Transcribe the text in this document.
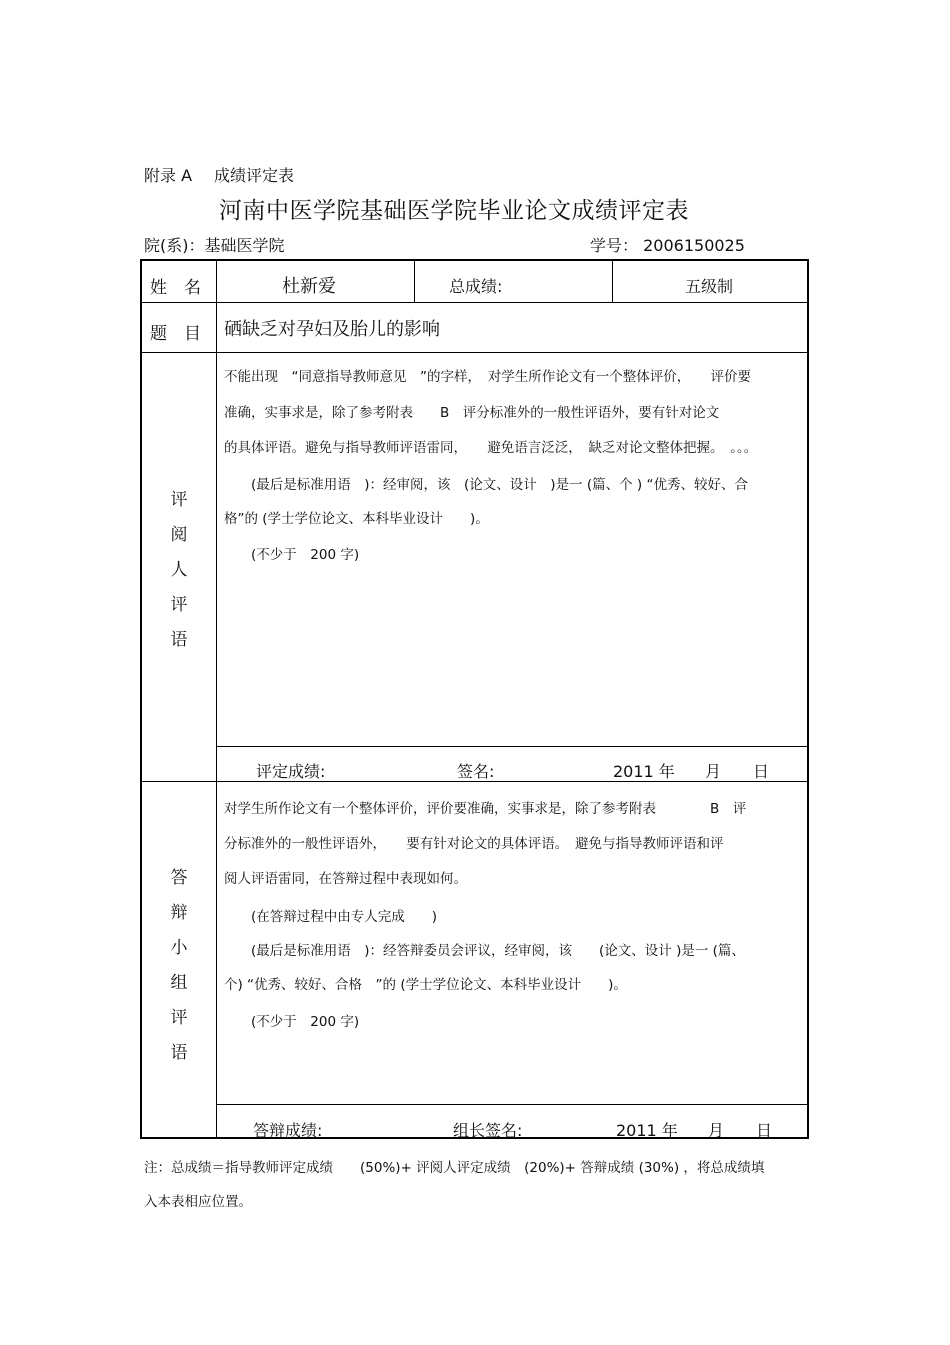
附录 A 成绩评定表
河南中医学院基础医学院毕业论文成绩评定表
院(系)：基础医学院	学号： 2006150025
姓　名	杜新爱	总成绩:	五级制
题　目 硒缺乏对孕妇及胎儿的影响
评
阅
人
评
语
不能出现　“同意指导教师意见　”的字样，　对学生所作论文有一个整体评价，　　评价要
准确，实事求是，除了参考附表　　B　评分标准外的一般性评语外，要有针对论文
的具体评语。避免与指导教师评语雷同，　　避免语言泛泛，　缺乏对论文整体把握。　。。。
　　(最后是标准用语　)：经审阅，该　(论文、设计　)是一 (篇、个 ) “优秀、较好、合
格”的 (学士学位论文、本科毕业设计　　)。
　　(不少于　200 字)
评定成绩:	签名:	2011 年 月 日
答
辩
小
组
评
语
对学生所作论文有一个整体评价，评价要准确，实事求是，除了参考附表　　　　B　评
分标准外的一般性评语外，　　要有针对论文的具体评语。　避免与指导教师评语和评
阅人评语雷同，在答辩过程中表现如何。
　　(在答辩过程中由专人完成　　)
　　(最后是标准用语　)：经答辩委员会评议，经审阅，该　　(论文、设计 )是一 (篇、
个) “优秀、较好、合格　”的 (学士学位论文、本科毕业设计　　)。
　　(不少于　200 字)
答辩成绩:	组长签名:	2011 年 月 日
注：总成绩＝指导教师评定成绩　　(50%)+ 评阅人评定成绩　(20%)+ 答辩成绩 (30%) ，将总成绩填
入本表相应位置。
